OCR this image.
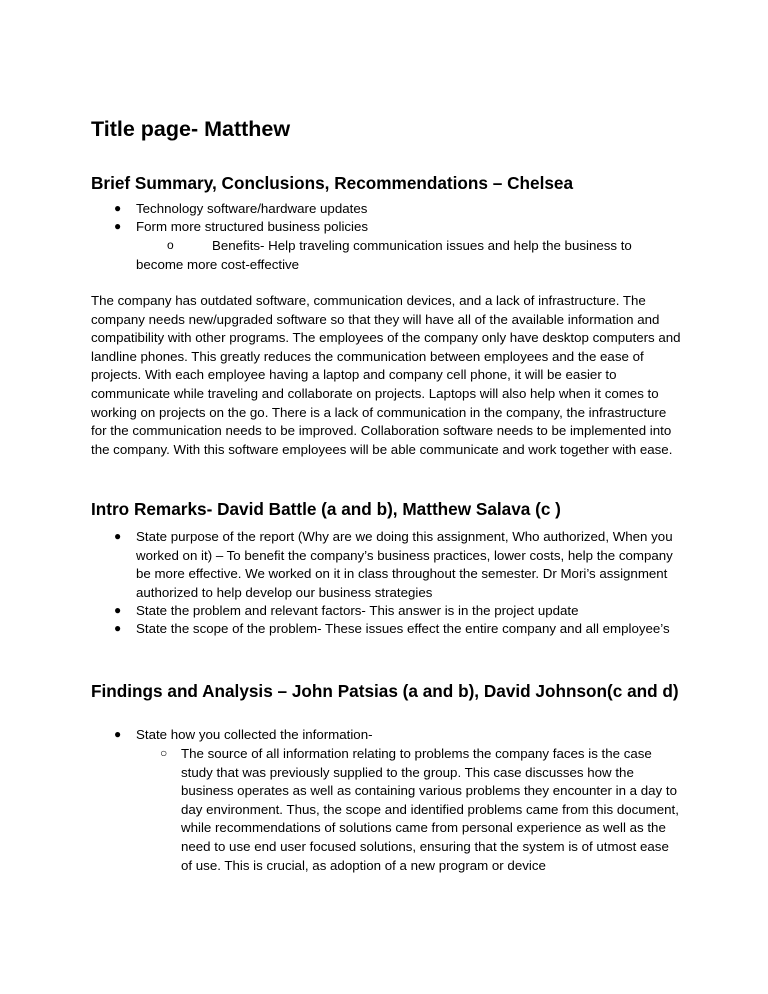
Title page- Matthew
Brief Summary, Conclusions, Recommendations – Chelsea
● Technology software/hardware updates
● Form more structured business policies
o	Benefits- Help traveling communication issues and help the business to
become more cost-effective
The company has outdated software, communication devices, and a lack of infrastructure. The company needs new/upgraded software so that they will have all of the available information and compatibility with other programs. The employees of the company only have desktop computers and landline phones. This greatly reduces the communication between employees and the ease of projects. With each employee having a laptop and company cell phone, it will be easier to communicate while traveling and collaborate on projects. Laptops will also help when it comes to working on projects on the go. There is a lack of communication in the company, the infrastructure for the communication needs to be improved. Collaboration software needs to be implemented into the company. With this software employees will be able communicate and work together with ease.
Intro Remarks- David Battle (a and b), Matthew Salava (c )
● State purpose of the report (Why are we doing this assignment, Who authorized, When you worked on it) – To benefit the company’s business practices, lower costs, help the company be more effective. We worked on it in class throughout the semester. Dr Mori’s assignment authorized to help develop our business strategies
● State the problem and relevant factors- This answer is in the project update
● State the scope of the problem- These issues effect the entire company and all employee’s
Findings and Analysis – John Patsias (a and b), David Johnson(c and d)
● State how you collected the information-
○ The source of all information relating to problems the company faces is the case study that was previously supplied to the group. This case discusses how the business operates as well as containing various problems they encounter in a day to day environment. Thus, the scope and identified problems came from this document, while recommendations of solutions came from personal experience as well as the need to use end user focused solutions, ensuring that the system is of utmost ease of use. This is crucial, as adoption of a new program or device
